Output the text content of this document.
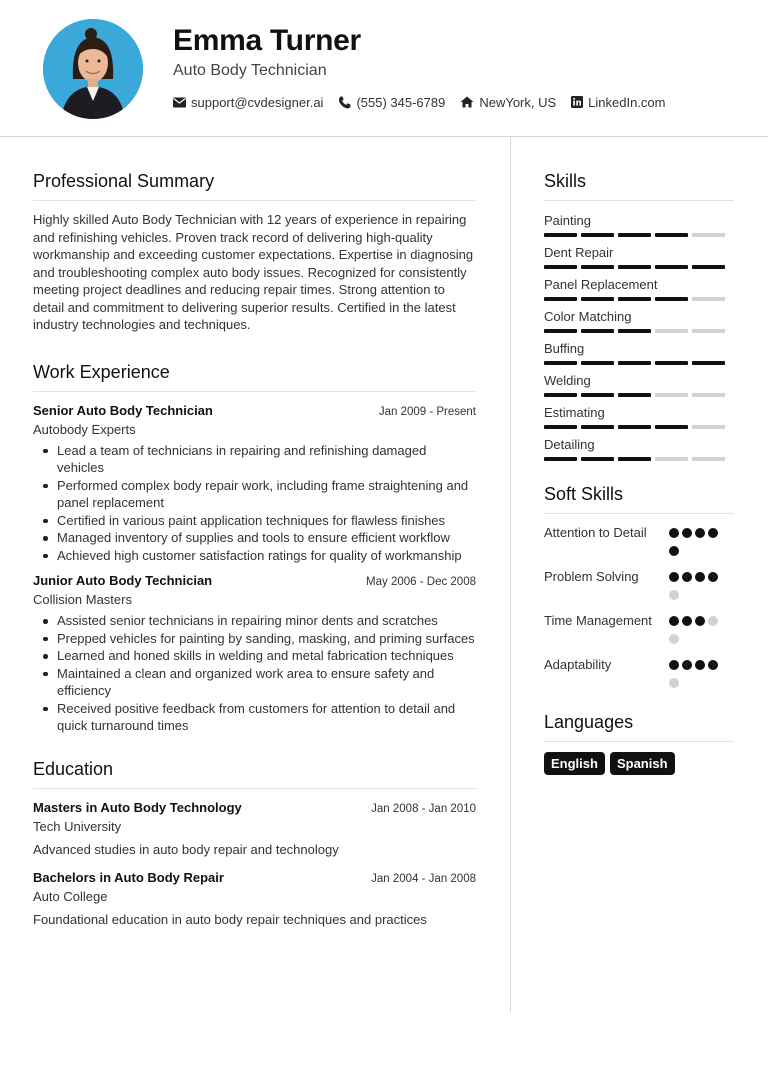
Emma Turner
Auto Body Technician
support@cvdesigner.ai	(555) 345-6789	NewYork, US LinkedIn.com
Professional Summary

Highly skilled Auto Body Technician with 12 years of experience in repairing and refinishing vehicles. Proven track record of delivering high-quality workmanship and exceeding customer expectations. Expertise in diagnosing and troubleshooting complex auto body issues. Recognized for consistently meeting project deadlines and reducing repair times. Strong attention to detail and commitment to delivering superior results. Certified in the latest industry technologies and techniques.

Work Experience
Senior Auto Body Technician	Jan 2009 - Present
Autobody Experts
Lead a team of technicians in repairing and refinishing damaged vehicles
Performed complex body repair work, including frame straightening and panel replacement
Certified in various paint application techniques for flawless finishes
Managed inventory of supplies and tools to ensure efficient workflow
Achieved high customer satisfaction ratings for quality of workmanship
Junior Auto Body Technician	May 2006 - Dec 2008
Collision Masters
Assisted senior technicians in repairing minor dents and scratches
Prepped vehicles for painting by sanding, masking, and priming surfaces
Learned and honed skills in welding and metal fabrication techniques
Maintained a clean and organized work area to ensure safety and efficiency
Received positive feedback from customers for attention to detail and quick turnaround times
Education
Masters in Auto Body Technology	Jan 2008 - Jan 2010
Tech University
Advanced studies in auto body repair and technology
Bachelors in Auto Body Repair	Jan 2004 - Jan 2008
Auto College
Foundational education in auto body repair techniques and practices
Skills
Painting
Dent Repair
Panel Replacement
Color Matching
Buffing
Welding
Estimating
Detailing
Soft Skills
Attention to Detail
Problem Solving
Time Management
Adaptability
Languages
English	Spanish
